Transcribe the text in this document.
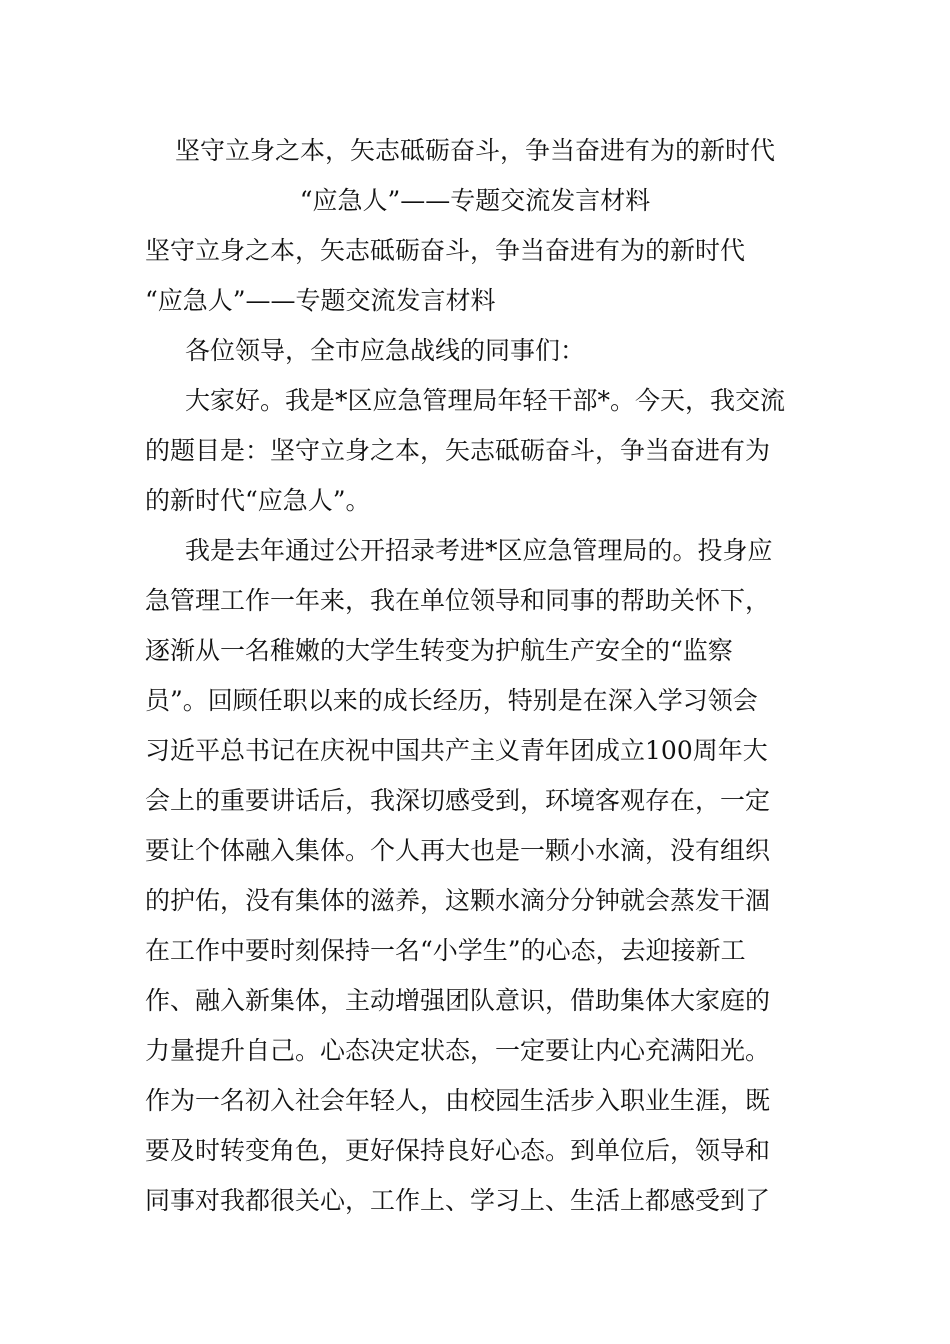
坚守立身之本，矢志砥砺奋斗，争当奋进有为的新时代
“应急人”——专题交流发言材料
坚守立身之本，矢志砥砺奋斗，争当奋进有为的新时代
“应急人”——专题交流发言材料
各位领导，全市应急战线的同事们：
大家好。我是*区应急管理局年轻干部*。今天，我交流
的题目是：坚守立身之本，矢志砥砺奋斗，争当奋进有为
的新时代“应急人”。
我是去年通过公开招录考进*区应急管理局的。投身应
急管理工作一年来，我在单位领导和同事的帮助关怀下，
逐渐从一名稚嫩的大学生转变为护航生产安全的“监察
员”。回顾任职以来的成长经历，特别是在深入学习领会
习近平总书记在庆祝中国共产主义青年团成立100周年大
会上的重要讲话后，我深切感受到，环境客观存在，一定
要让个体融入集体。个人再大也是一颗小水滴，没有组织
的护佑，没有集体的滋养，这颗水滴分分钟就会蒸发干涸
在工作中要时刻保持一名“小学生”的心态，去迎接新工
作、融入新集体，主动增强团队意识，借助集体大家庭的
力量提升自己。心态决定状态，一定要让内心充满阳光。
作为一名初入社会年轻人，由校园生活步入职业生涯，既
要及时转变角色，更好保持良好心态。到单位后，领导和
同事对我都很关心，工作上、学习上、生活上都感受到了
